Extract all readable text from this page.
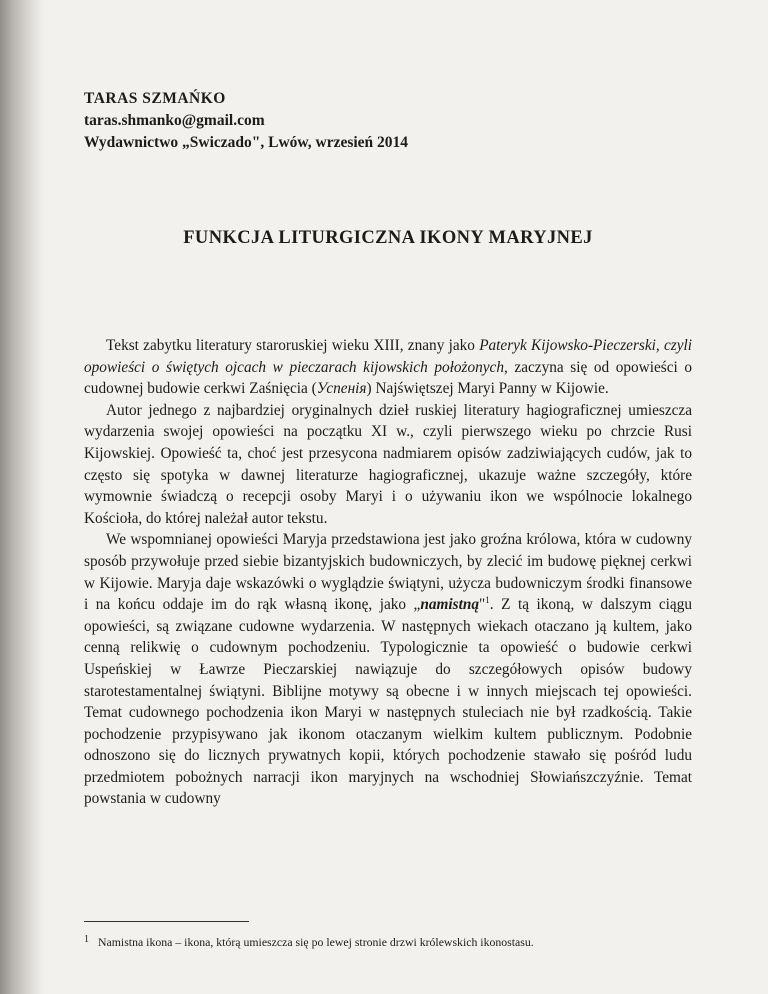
TARAS SZMAŃKO
taras.shmanko@gmail.com
Wydawnictwo „Swiczado", Lwów, wrzesień 2014
FUNKCJA LITURGICZNA IKONY MARYJNEJ

Tekst zabytku literatury staroruskiej wieku XIII, znany jako Pateryk Kijowsko-Pieczerski, czyli opowieści o świętych ojcach w pieczarach kijowskich położonych, zaczyna się od opowieści o cudownej budowie cerkwi Zaśnięcia (Успенія) Najświętszej Maryi Panny w Kijowie.

Autor jednego z najbardziej oryginalnych dzieł ruskiej literatury hagiograficznej umieszcza wydarzenia swojej opowieści na początku XI w., czyli pierwszego wieku po chrzcie Rusi Kijowskiej. Opowieść ta, choć jest przesycona nadmiarem opisów zadziwiających cudów, jak to często się spotyka w dawnej literaturze hagiograficznej, ukazuje ważne szczegóły, które wymownie świadczą o recepcji osoby Maryi i o używaniu ikon we wspólnocie lokalnego Kościoła, do której należał autor tekstu.

We wspomnianej opowieści Maryja przedstawiona jest jako groźna królowa, która w cudowny sposób przywołuje przed siebie bizantyjskich budowniczych, by zlecić im budowę pięknej cerkwi w Kijowie. Maryja daje wskazówki o wyglądzie świątyni, użycza budowniczym środki finansowe i na końcu oddaje im do rąk własną ikonę, jako „namistną"$^1$. Z tą ikoną, w dalszym ciągu opowieści, są związane cudowne wydarzenia. W następnych wiekach otaczano ją kultem, jako cenną relikwię o cudownym pochodzeniu. Typologicznie ta opowieść o budowie cerkwi Uspeńskiej w Ławrze Pieczarskiej nawiązuje do szczegółowych opisów budowy starotestamentalnej świątyni. Biblijne motywy są obecne i w innych miejscach tej opowieści. Temat cudownego pochodzenia ikon Maryi w następnych stuleciach nie był rzadkością. Takie pochodzenie przypisywano jak ikonom otaczanym wielkim kultem publicznym. Podobnie odnoszono się do licznych prywatnych kopii, których pochodzenie stawało się pośród ludu przedmiotem pobożnych narracji ikon maryjnych na wschodniej Słowiańszczyźnie. Temat powstania w cudowny

1 Namistna ikona – ikona, którą umieszcza się po lewej stronie drzwi królewskich ikonostasu.
